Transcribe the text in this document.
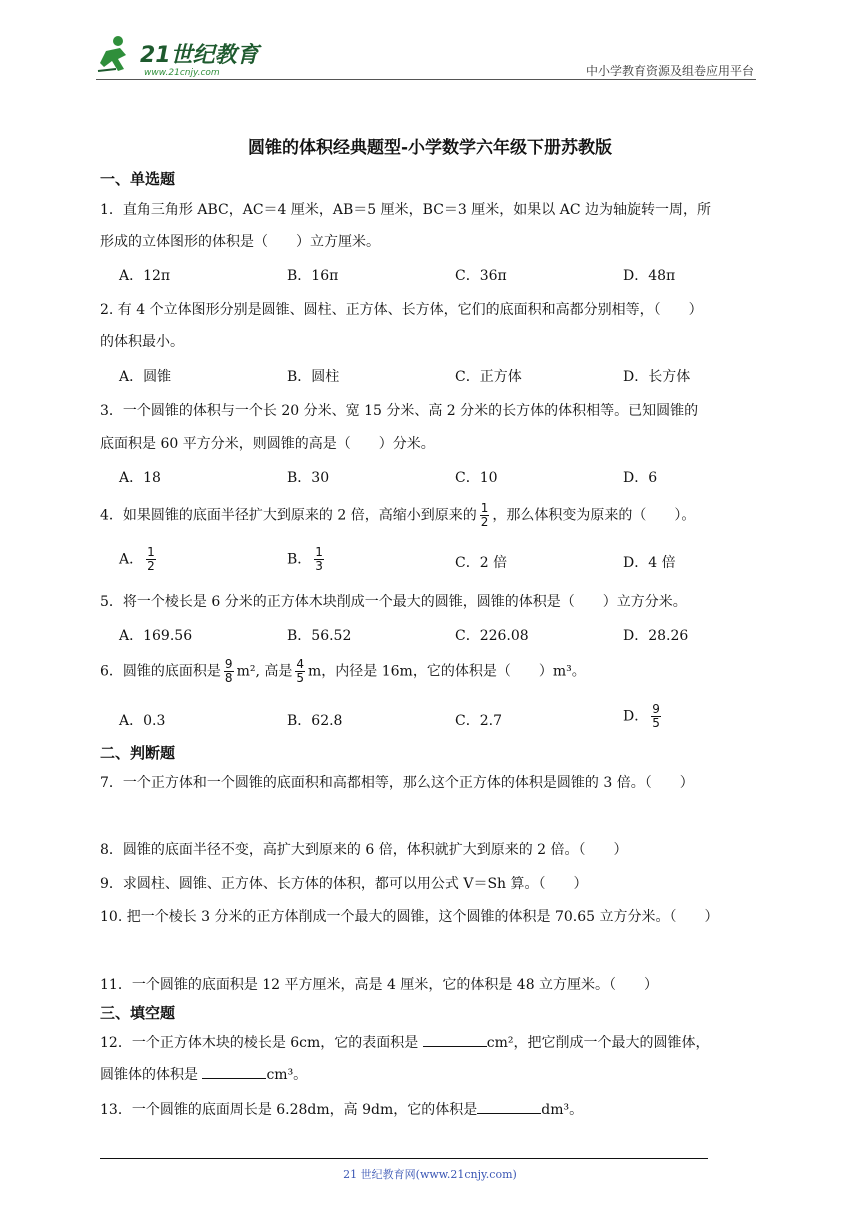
21世纪教育
www.21cnjy.com	中小学教育资源及组卷应用平台
圆锥的体积经典题型-小学数学六年级下册苏教版
一、单选题
1．直角三角形 ABC，AC＝4 厘米，AB＝5 厘米，BC＝3 厘米，如果以 AC 边为轴旋转一周，所
形成的立体图形的体积是（　　）立方厘米。
A．12π	B．16π	C．36π	D．48π
2. 有 4 个立体图形分别是圆锥、圆柱、正方体、长方体，它们的底面积和高都分别相等，（　　）
的体积最小。
A．圆锥	B．圆柱	C．正方体	D．长方体
3．一个圆锥的体积与一个长 20 分米、宽 15 分米、高 2 分米的长方体的体积相等。已知圆锥的
底面积是 60 平方分米，则圆锥的高是（　　）分米。
A．18	B．30	C．10	D．6
4．如果圆锥的底面半径扩大到原来的 2 倍，高缩小到原来的 $\frac{1}{2}$ ，那么体积变为原来的（　　）。
A． $\frac{1}{2}$	B． $\frac{1}{3}$	C．2 倍	D．4 倍
5．将一个棱长是 6 分米的正方体木块削成一个最大的圆锥，圆锥的体积是（　　）立方分米。
A．169.56	B．56.52	C．226.08	D．28.26
6．圆锥的底面积是 $\frac{9}{8} m^2$, 高是 $\frac{4}{5}$ m，内径是 16m，它的体积是（　　）m³。
A．0.3	B．62.8	C．2.7	D． $\frac{9}{5}$
二、判断题
7．一个正方体和一个圆锥的底面积和高都相等，那么这个正方体的体积是圆锥的 3 倍。（　　）
8．圆锥的底面半径不变，高扩大到原来的 6 倍，体积就扩大到原来的 2 倍。（　　）
9．求圆柱、圆锥、正方体、长方体的体积，都可以用公式 V＝Sh 算。（　　）
10. 把一个棱长 3 分米的正方体削成一个最大的圆锥，这个圆锥的体积是 70.65 立方分米。（　　）
11．一个圆锥的底面积是 12 平方厘米，高是 4 厘米，它的体积是 48 立方厘米。（　　）
三、填空题
12．一个正方体木块的棱长是 6cm，它的表面积是	cm²，把它削成一个最大的圆锥体，
圆锥体的体积是	cm³。
13．一个圆锥的底面周长是 6.28dm，高 9dm，它的体积是	dm³。
21 世纪教育网(www.21cnjy.com)
